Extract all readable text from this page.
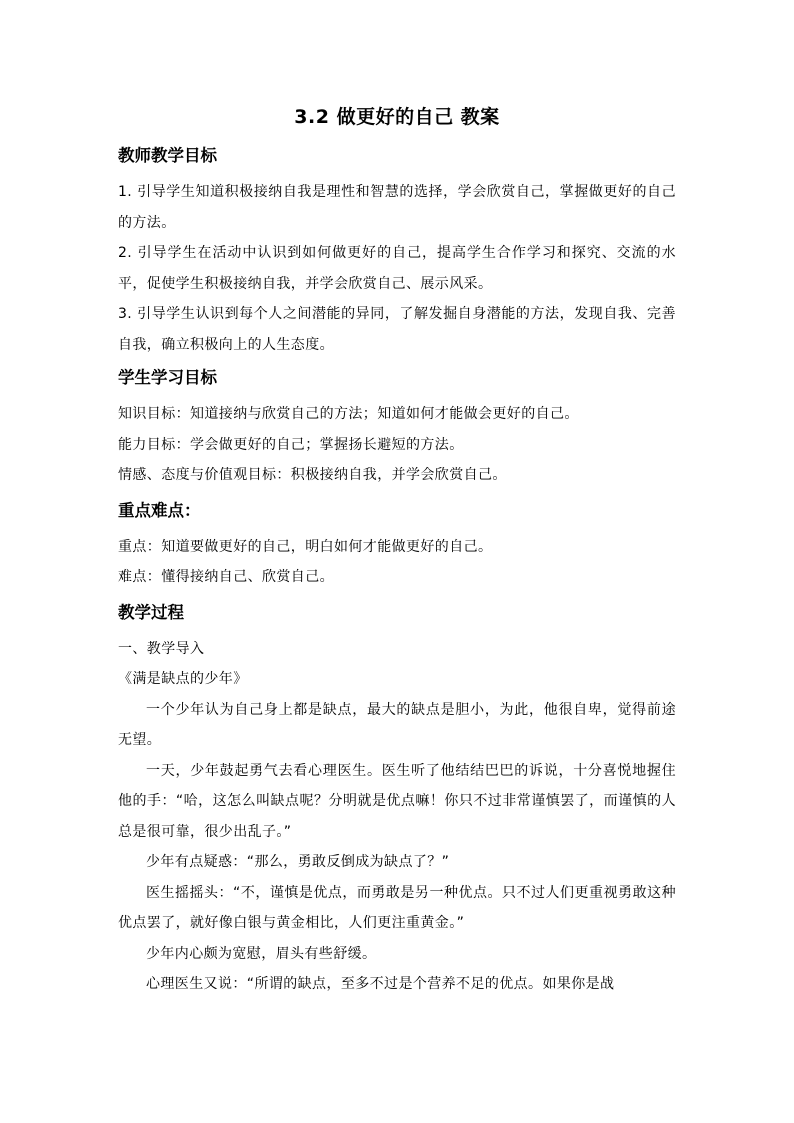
3.2 做更好的自己 教案
教师教学目标

1. 引导学生知道积极接纳自我是理性和智慧的选择，学会欣赏自己，掌握做更好的自己的方法。

2. 引导学生在活动中认识到如何做更好的自己，提高学生合作学习和探究、交流的水平，促使学生积极接纳自我，并学会欣赏自己、展示风采。

3. 引导学生认识到每个人之间潜能的异同，了解发掘自身潜能的方法，发现自我、完善自我，确立积极向上的人生态度。

学生学习目标

知识目标：知道接纳与欣赏自己的方法；知道如何才能做会更好的自己。

能力目标：学会做更好的自己；掌握扬长避短的方法。

情感、态度与价值观目标：积极接纳自我，并学会欣赏自己。

重点难点：

重点：知道要做更好的自己，明白如何才能做更好的自己。

难点：懂得接纳自己、欣赏自己。

教学过程

一、教学导入

《满是缺点的少年》

一个少年认为自己身上都是缺点，最大的缺点是胆小，为此，他很自卑，觉得前途无望。

一天，少年鼓起勇气去看心理医生。医生听了他结结巴巴的诉说，十分喜悦地握住他的手：“哈，这怎么叫缺点呢？分明就是优点嘛！你只不过非常谨慎罢了，而谨慎的人总是很可靠，很少出乱子。”

少年有点疑惑：“那么，勇敢反倒成为缺点了？”

医生摇摇头：“不，谨慎是优点，而勇敢是另一种优点。只不过人们更重视勇敢这种优点罢了，就好像白银与黄金相比，人们更注重黄金。”

少年内心颇为宽慰，眉头有些舒缓。

心理医生又说：“所谓的缺点，至多不过是个营养不足的优点。如果你是战
